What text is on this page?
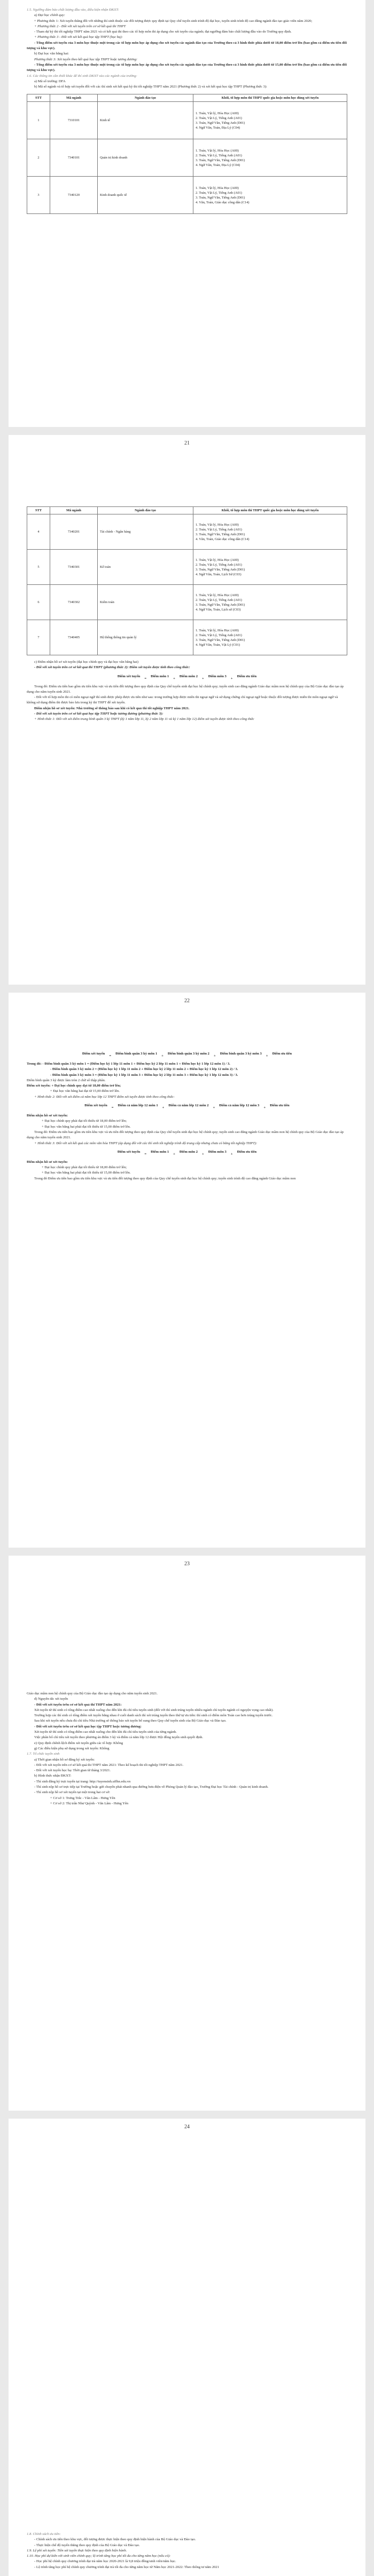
1.5. Ngưỡng đảm bảo chất lượng đầu vào, điều kiện nhận ĐKXT:

a) Đại học chính quy:

+ Phương thức 1: Xét tuyển thẳng đối với những thí sinh thuộc các đối tượng được quy định tại Quy chế tuyển sinh trình độ đại học, tuyển sinh trình độ cao đẳng ngành đào tạo giáo viên năm 2020;

+ Phương thức 2 - Đối với xét tuyển trên cơ sở kết quả thi THPT

- Tham dự kỳ thi tốt nghiệp THPT năm 2021 và có kết quả thi theo các tổ hợp môn thi áp dụng cho xét tuyển của ngành; đạt ngưỡng đảm bảo chất lượng đầu vào do Trường quy định.

+ Phương thức 3 - Đối với xét kết quả học tập THPT (học bạ):

- Tổng điểm xét tuyển của 3 môn học thuộc một trong các tổ hợp môn học áp dụng cho xét tuyển các ngành đào tạo của Trường theo cả 3 hình thức phía dưới từ 18,00 điểm trở lên (bao gồm cả điểm ưu tiên đối tượng và khu vực).

b) Đại học văn bằng hai:

Phương thức 3: Xét tuyển theo kết quả học tập THPT hoặc tương đương:

- Tổng điểm xét tuyển của 3 môn học thuộc một trong các tổ hợp môn học áp dụng cho xét tuyển các ngành đào tạo của Trường theo cả 3 hình thức phía dưới từ 15,00 điểm trở lên (bao gồm cả điểm ưu tiên đối tượng và khu vực).

1.6. Các thông tin cần thiết khác để thí sinh DKXT vào các ngành của trường:

a) Mã số trường: DFA

b) Mã số ngành và tổ hợp xét tuyển đối với các thí sinh xét kết quả kỳ thi tốt nghiệp THPT năm 2021 (Phương thức 2) và xét kết quả học tập THPT (Phương thức 3):

STT	Mã ngành	Ngành đào tạo	Khối, tổ hợp môn thi THPT quốc gia hoặc môn học dùng xét tuyển
1	7310101	Kinh tế	1. Toán, Vật lý, Hóa Học (A00)
2. Toán, Vật Lý, Tiếng Anh (A01)
3. Toán, Ngữ Văn, Tiếng Anh (D01)
4. Ngữ Văn, Toán, Địa Lý (C04)

2	7340101	Quản trị kinh doanh	1. Toán, Vật lý, Hóa Học (A00)
2. Toán, Vật Lý, Tiếng Anh (A01)
3. Toán, Ngữ Văn, Tiếng Anh (D01)
4. Ngữ Văn, Toán, Địa Lý (C04)

3	7340120	Kinh doanh quốc tế	1. Toán, Vật lý, Hóa Học (A00)
2. Toán, Vật Lý, Tiếng Anh (A01)
3. Toán, Ngữ Văn, Tiếng Anh (D01)
4. Văn, Toán, Giáo dục công dân (C14)
21
STT	Mã ngành	Ngành đào tạo	Khối, tổ hợp môn thi THPT quốc gia hoặc môn học dùng xét tuyển
4	7340201	Tài chính - Ngân hàng	1. Toán, Vật lý, Hóa Học (A00)
2. Toán, Vật Lý, Tiếng Anh (A01)
3. Toán, Ngữ Văn, Tiếng Anh (D01)
4. Văn, Toán, Giáo dục công dân (C14)

5	7340301	Kế toán	1. Toán, Vật lý, Hóa Học (A00)
2. Toán, Vật Lý, Tiếng Anh (A01)
3. Toán, Ngữ Văn, Tiếng Anh (D01)
4. Ngữ Văn, Toán, Lịch Sử (C03)

6	7340302	Kiểm toán	1. Toán, Vật lý, Hóa Học (A00)
2. Toán, Vật Lý, Tiếng Anh (A01)
3. Toán, Ngữ Văn, Tiếng Anh (D01)
4. Ngữ Văn, Toán, Lịch sử (C03)

7	7340405	Hệ thống thông tin quản lý	1. Toán, Vật lý, Hóa Học (A00)
2. Toán, Vật Lý, Tiếng Anh (A01)
3. Toán, Ngữ Văn, Tiếng Anh (D01)
4. Ngữ Văn, Toán, Vật Lý (C01)

c) Điểm nhận hồ sơ xét tuyển (đại học chính quy và đại học văn bằng hai)

- Đối với xét tuyển trên cơ sở kết quả thi THPT (phương thức 2): Điểm xét tuyển được tính theo công thức:

Điểm xét tuyển
=
Điểm môn 1
+
Điểm môn 2
+
Điểm môn 3
+
Điểm ưu tiên

Trong đó: Điểm ưu tiên bao gồm ưu tiên khu vực và ưu tiên đối tượng theo quy định của Quy chế tuyển sinh đại học hệ chính quy; tuyển sinh cao đẳng ngành Giáo dục mầm non hệ chính quy của Bộ Giáo dục đào tạo áp dụng cho năm tuyển sinh 2021.

- Đối với tổ hợp môn thi có môn ngoại ngữ thí sinh được phép được ưu tiên như sau: trong trường hợp được miễn thi ngoại ngữ và sử dụng chứng chỉ ngoại ngữ hoặc thuộc đối tượng được miễn thi môn ngoại ngữ và không sử dụng điểm thi được bảo lưu trong kỳ thi THPT để xét tuyển.

Điểm nhận hồ sơ xét tuyển: Nhà trường sẽ thông báo sau khi có kết quả thi tốt nghiệp THPT năm 2021.

- Đối với xét tuyển trên cơ sở kết quả học tập THPT hoặc tương đương (phương thức 3):

+ Hình thức 1: Đối với xét điểm trung bình quân 3 kỳ THPT (kỳ 1 năm lớp 11, kỳ 2 năm lớp 11 và kỳ 1 năm lớp 12) điểm xét tuyển được tính theo công thức

22
Điểm xét tuyển
=
Điểm bình quân 3 kỳ môn 1
+
Điểm bình quân 3 kỳ môn 2
+
Điểm bình quân 3 kỳ môn 3
+
Điểm ưu tiên

Trong đó: - Điểm bình quân 3 kỳ môn 1 = (Điểm học kỳ 1 lớp 11 môn 1 + Điểm học kỳ 2 lớp 11 môn 1 + Điểm học kỳ 1 lớp 12 môn 1) / 3.

- Điểm bình quân 3 kỳ môn 2 = (Điểm học kỳ 1 lớp 11 môn 2 + Điểm học kỳ 2 lớp 11 môn 2 + Điểm học kỳ 1 lớp 12 môn 2) / 3.

- Điểm bình quân 3 kỳ môn 3 = (Điểm học kỳ 1 lớp 11 môn 3 + Điểm học kỳ 2 lớp 11 môn 3 + Điểm học kỳ 1 lớp 12 môn 3) / 3.

Điểm bình quân 3 kỳ được làm tròn 2 chữ số thập phân.

Điểm xét tuyển: + Đại học chính quy đạt từ 18,00 điểm trở lên;

+ Đại học văn bằng hai đạt từ 15,00 điểm trở lên.

+ Hình thức 2: Đối với xét điểm cả năm học lớp 12 THPT điểm xét tuyển được tính theo công thức:

Điểm xét tuyển
=
Điểm cả năm lớp 12 môn 1
+
Điểm cả năm lớp 12 môn 2
+
Điểm cả năm lớp 12 môn 3
+
Điểm ưu tiên

Điểm nhận hồ sơ xét tuyển:

+ Đại học chính quy phải đạt tối thiểu từ 18,00 điểm trở lên;

+ Đại học văn bằng hai phải đạt tối thiểu từ 15,00 điểm trở lên.

Trong đó: Điểm ưu tiên bao gồm ưu tiên khu vực và ưu tiên đối tượng theo quy định của Quy chế tuyển sinh đại học hệ chính quy; tuyển sinh cao đẳng ngành Giáo dục mầm non hệ chính quy của Bộ Giáo dục đào tạo áp dụng cho năm tuyển sinh 2021.

+ Hình thức 3: Đối với xét kết quả các môn văn hóa THPT (áp dụng đối với các thí sinh tốt nghiệp trình độ trung cấp nhưng chưa có bằng tốt nghiệp THPT):

Điểm xét tuyển
=
Điểm môn 1
+
Điểm môn 2
+
Điểm môn 3
+
Điểm ưu tiên

Điểm nhận hồ sơ xét tuyển:

+ Đại học chính quy phải đạt tối thiểu từ 18,00 điểm trở lên;

+ Đại học văn bằng hai phải đạt tối thiểu từ 15,00 điểm trở lên.

Trong đó Điểm ưu tiên bao gồm ưu tiên khu vực và ưu tiên đối tượng theo quy định của Quy chế tuyển sinh đại học hệ chính quy; tuyển sinh trình độ cao đẳng ngành Giáo dục mầm non

23

Giáo dục mầm non hệ chính quy của Bộ Giáo dục đào tạo áp dụng cho năm tuyển sinh 2021.

d) Nguyên tắc xét tuyển

- Đối với xét tuyển trên cơ sở kết quả thi THPT năm 2021:

Xét tuyển từ thí sinh có tổng điểm cao nhất xuống cho đến khi đủ chỉ tiêu tuyển sinh (đối với thí sinh trúng tuyển nhiều ngành chỉ tuyển ngành có nguyện vọng cao nhất).

Trường hợp các thí sinh có tổng điểm xét tuyển bằng nhau ở cuối danh sách thì xét trúng tuyển theo thứ tự ưu tiên: thí sinh có điểm môn Toán cao hơn trúng tuyển trước.

Sau khi xét tuyển nếu chưa đủ chỉ tiêu Nhà trường sẽ thông báo xét tuyển bổ sung theo Quy chế tuyển sinh của Bộ Giáo dục và Đào tạo.

- Đối với xét tuyển trên cơ sở kết quả học tập THPT hoặc tương đương:

Xét tuyển từ thí sinh có tổng điểm cao nhất xuống cho đến khi đủ chỉ tiêu tuyển sinh của từng ngành.

Việc phân bổ chỉ tiêu xét tuyển theo phương án điểm 3 kỳ và điểm cả năm lớp 12 được Hội đồng tuyển sinh quyết định.

e) Quy định chênh lệch điểm xét tuyển giữa các tổ hợp: Không

g) Các điều kiện phụ sử dụng trong xét tuyển: Không

1.7. Tổ chức tuyển sinh

a) Thời gian nhận hồ sơ đăng ký xét tuyển:

- Đối với xét tuyển trên cơ sở kết quả thi THPT năm 2021: Theo kế hoạch thi tốt nghiệp THPT năm 2021.

- Đối với xét tuyển học bạ: Thời gian từ tháng 3/2021.

b) Hình thức nhận ĐKXT:

- Thí sinh đăng ký trực tuyến tại trang: http://tuyensinh.uffhn.edu.vn

- Thí sinh nộp hồ sơ trực tiếp tại Trường hoặc gửi chuyển phát nhanh qua đường bưu điện về Phòng Quản lý đào tạo, Trường Đại học Tài chính - Quản trị kinh doanh.

- Thí sinh nộp hồ sơ xét tuyển tại một trong hai cơ sở:

+ Cơ sở 1: Trưng Trắc - Văn Lâm - Hưng Yên

+ Cơ sở 2: Thị trấn Như Quỳnh - Văn Lâm - Hưng Yên

24

1.8. Chính sách ưu tiên:

- Chính sách ưu tiên theo khu vực, đối tượng được thực hiện theo quy định hiện hành của Bộ Giáo dục và Đào tạo.

- Thực hiện chế độ tuyển thẳng theo quy định của Bộ Giáo dục và Đào tạo.

1.9. Lệ phí xét tuyển: Tiền xét tuyển thực hiện theo quy định hiện hành.

1.10. Học phí dự kiến với sinh viên chính quy; lộ trình tăng học phí tối đa cho từng năm học (nếu có):

- Học phí hệ chính quy chương trình đại trà năm học 2020-2021 là 9,8 triệu đồng/sinh viên/năm học.

- Lộ trình tăng học phí hệ chính quy chương trình đại trà tối đa cho từng năm học từ Năm học 2021-2022: Theo thông tư năm 2021
